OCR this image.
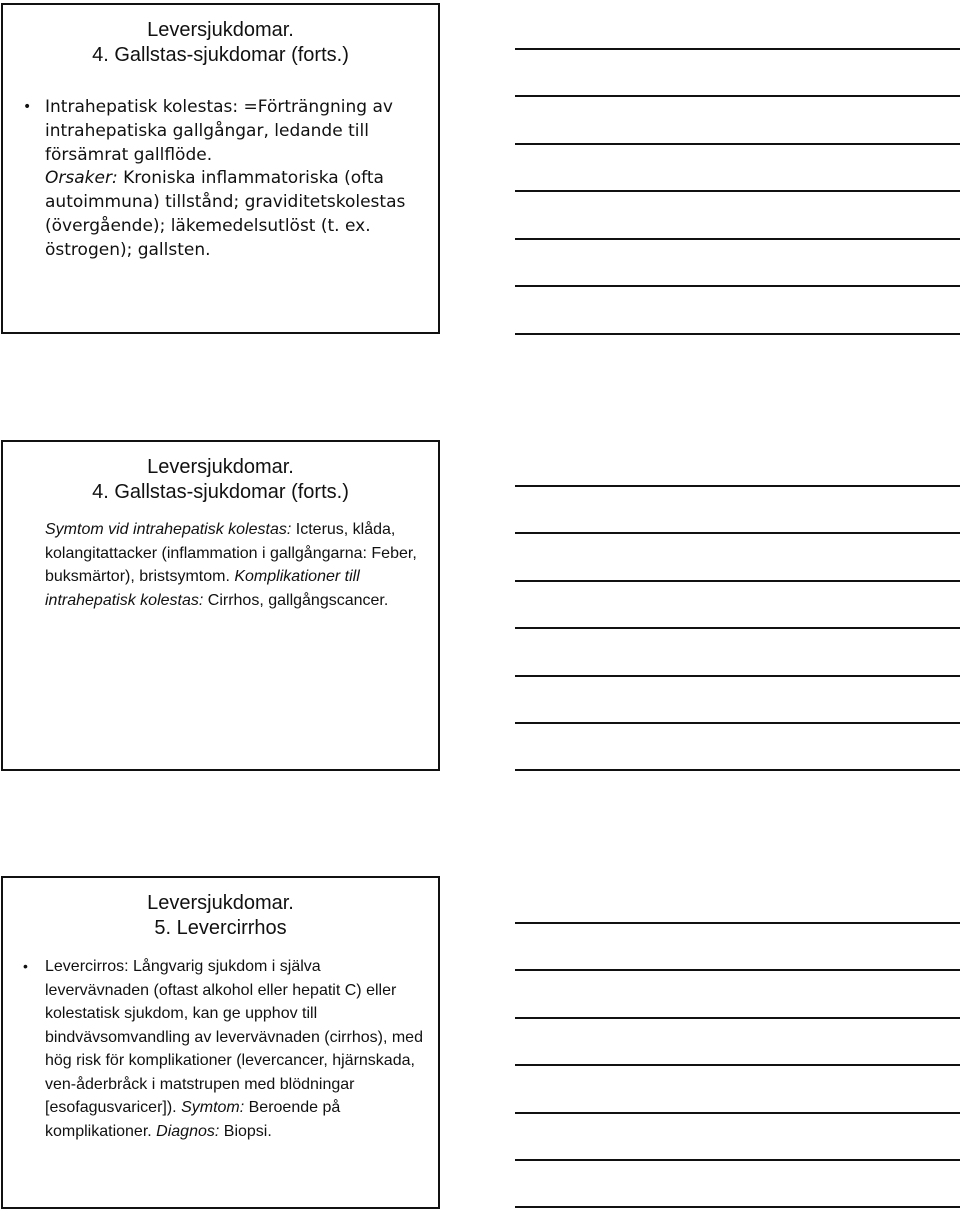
Leversjukdomar.
4. Gallstas-sjukdomar (forts.)
• Intrahepatisk kolestas: =Förträngning av intrahepatiska gallgångar, ledande till försämrat gallflöde.
Orsaker: Kroniska inflammatoriska (ofta autoimmuna) tillstånd; graviditetskolestas (övergående); läkemedelsutlöst (t. ex. östrogen); gallsten.
Leversjukdomar.
4. Gallstas-sjukdomar (forts.)
Symtom vid intrahepatisk kolestas: Icterus, klåda, kolangitattacker (inflammation i gallgångarna: Feber, buksmärtor), bristsymtom. Komplikationer till intrahepatisk kolestas: Cirrhos, gallgångscancer.
Leversjukdomar.
5. Levercirrhos
•	Levercirros: Långvarig sjukdom i själva levervävnaden (oftast alkohol eller hepatit C) eller kolestatisk sjukdom, kan ge upphov till bindvävsomvandling av levervävnaden (cirrhos), med hög risk för komplikationer (levercancer, hjärnskada, ven-åderbråck i matstrupen med blödningar [esofagusvaricer]). Symtom: Beroende på komplikationer. Diagnos: Biopsi.
